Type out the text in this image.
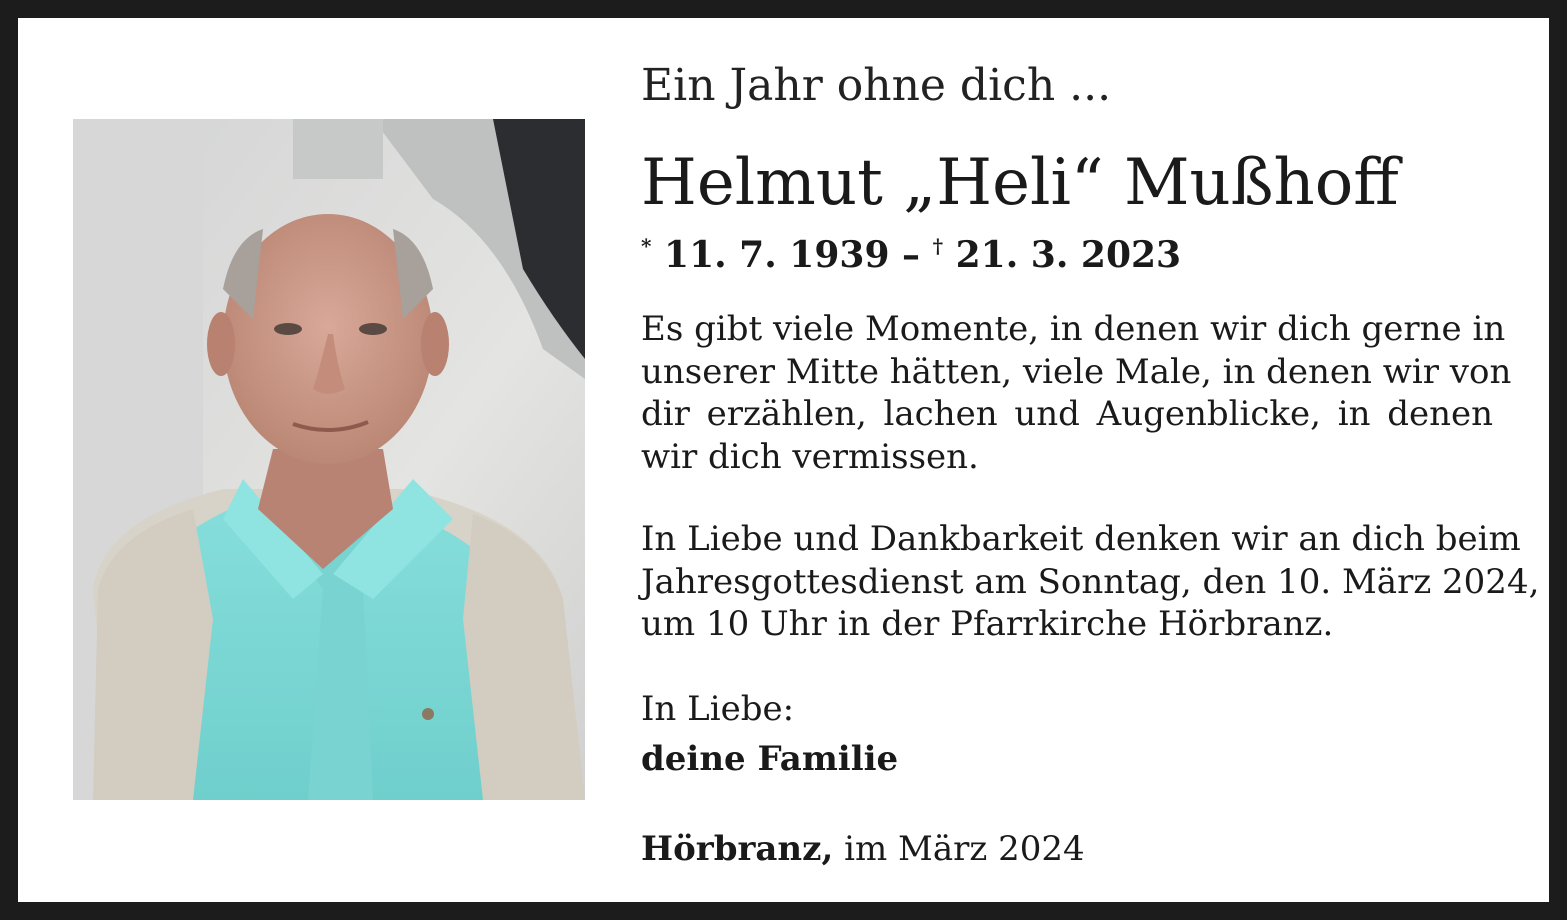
Ein Jahr ohne dich ...
Helmut „Heli“ Mußhoff
* 11. 7. 1939 – † 21. 3. 2023
Es gibt viele Momente, in denen wir dich gerne in
unserer Mitte hätten, viele Male, in denen wir von
dir erzählen, lachen und Augenblicke, in denen
wir dich vermissen.
In Liebe und Dankbarkeit denken wir an dich beim
Jahresgottesdienst am Sonntag, den 10. März 2024,
um 10 Uhr in der Pfarrkirche Hörbranz.
In Liebe:
deine Familie
Hörbranz, im März 2024
